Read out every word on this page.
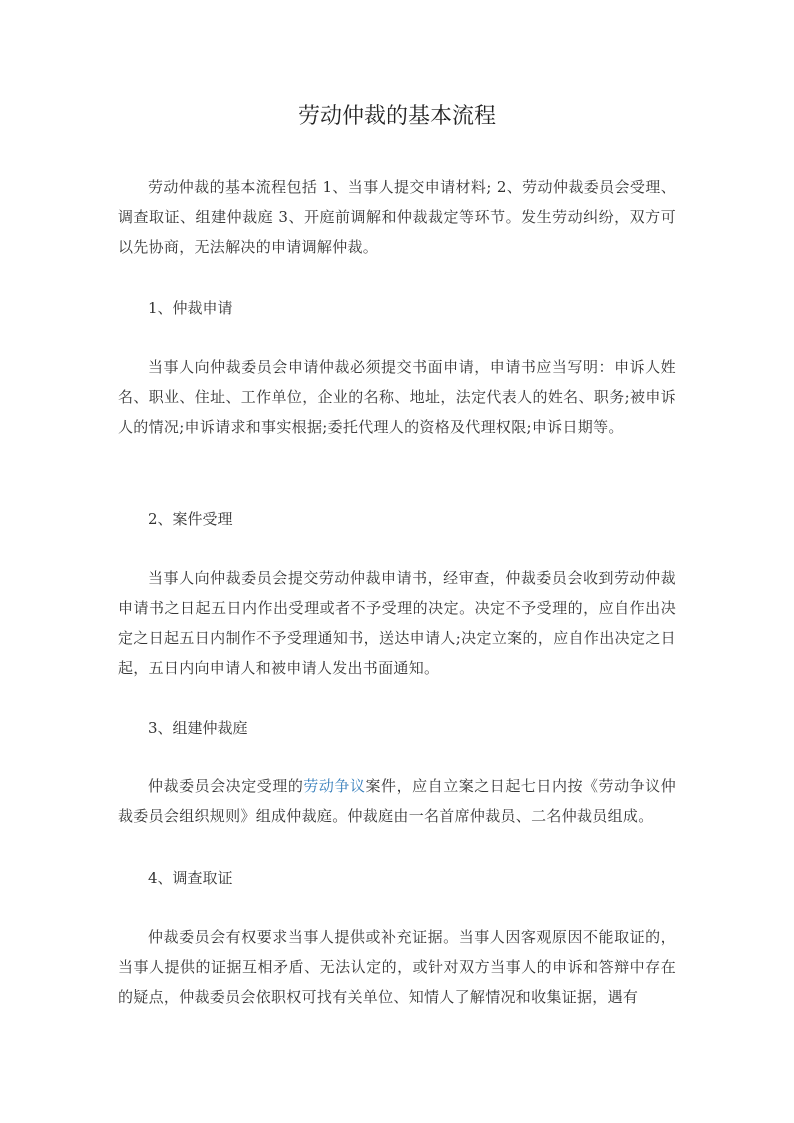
劳动仲裁的基本流程

劳动仲裁的基本流程包括 1、当事人提交申请材料; 2、劳动仲裁委员会受理、调查取证、组建仲裁庭 3、开庭前调解和仲裁裁定等环节。发生劳动纠纷，双方可以先协商，无法解决的申请调解仲裁。

1、仲裁申请

当事人向仲裁委员会申请仲裁必须提交书面申请，申请书应当写明：申诉人姓名、职业、住址、工作单位，企业的名称、地址，法定代表人的姓名、职务;被申诉人的情况;申诉请求和事实根据;委托代理人的资格及代理权限;申诉日期等。

2、案件受理

当事人向仲裁委员会提交劳动仲裁申请书，经审查，仲裁委员会收到劳动仲裁申请书之日起五日内作出受理或者不予受理的决定。决定不予受理的，应自作出决定之日起五日内制作不予受理通知书，送达申请人;决定立案的，应自作出决定之日起，五日内向申请人和被申请人发出书面通知。

3、组建仲裁庭

仲裁委员会决定受理的劳动争议案件，应自立案之日起七日内按《劳动争议仲裁委员会组织规则》组成仲裁庭。仲裁庭由一名首席仲裁员、二名仲裁员组成。

4、调查取证

仲裁委员会有权要求当事人提供或补充证据。当事人因客观原因不能取证的，当事人提供的证据互相矛盾、无法认定的，或针对双方当事人的申诉和答辩中存在的疑点，仲裁委员会依职权可找有关单位、知情人了解情况和收集证据，遇有
